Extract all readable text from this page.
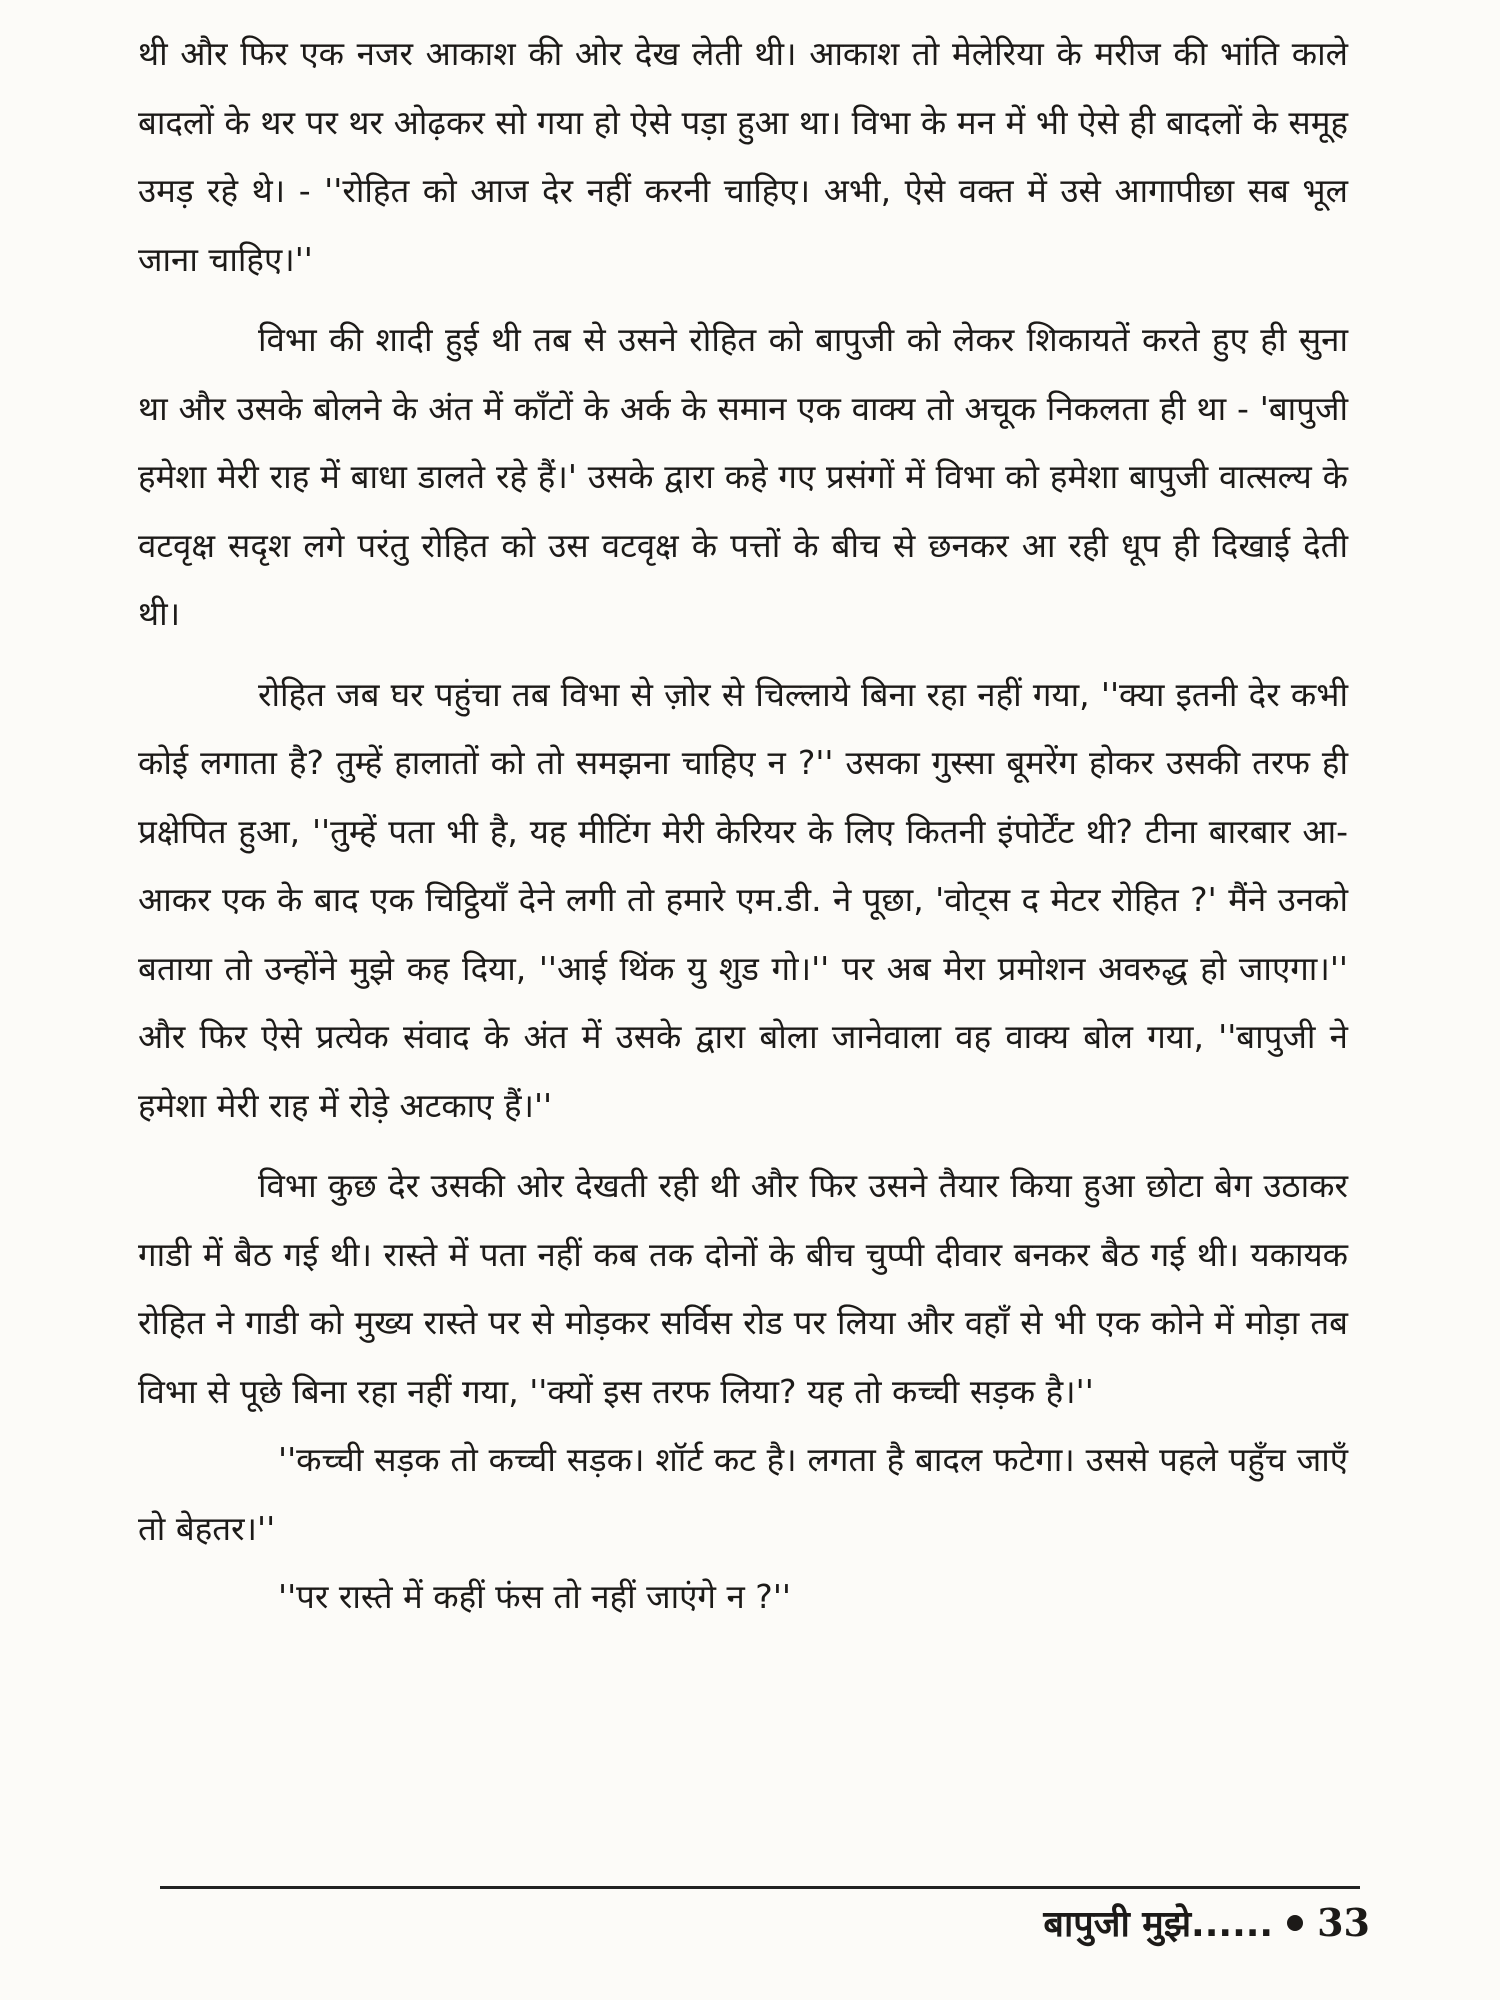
थी और फिर एक नजर आकाश की ओर देख लेती थी। आकाश तो मेलेरिया के मरीज की भांति काले बादलों के थर पर थर ओढ़कर सो गया हो ऐसे पड़ा हुआ था। विभा के मन में भी ऐसे ही बादलों के समूह उमड़ रहे थे। - ''रोहित को आज देर नहीं करनी चाहिए। अभी, ऐसे वक्त में उसे आगापीछा सब भूल जाना चाहिए।''

विभा की शादी हुई थी तब से उसने रोहित को बापुजी को लेकर शिकायतें करते हुए ही सुना था और उसके बोलने के अंत में काँटों के अर्क के समान एक वाक्य तो अचूक निकलता ही था - 'बापुजी हमेशा मेरी राह में बाधा डालते रहे हैं।' उसके द्वारा कहे गए प्रसंगों में विभा को हमेशा बापुजी वात्सल्य के वटवृक्ष सदृश लगे परंतु रोहित को उस वटवृक्ष के पत्तों के बीच से छनकर आ रही धूप ही दिखाई देती थी।

रोहित जब घर पहुंचा तब विभा से ज़ोर से चिल्लाये बिना रहा नहीं गया, ''क्या इतनी देर कभी कोई लगाता है? तुम्हें हालातों को तो समझना चाहिए न ?'' उसका गुस्सा बूमरेंग होकर उसकी तरफ ही प्रक्षेपित हुआ, ''तुम्हें पता भी है, यह मीटिंग मेरी केरियर के लिए कितनी इंपोर्टेंट थी? टीना बारबार आ-आकर एक के बाद एक चिट्ठियाँ देने लगी तो हमारे एम.डी. ने पूछा, 'वोट्स द मेटर रोहित ?' मैंने उनको बताया तो उन्होंने मुझे कह दिया, ''आई थिंक यु शुड गो।'' पर अब मेरा प्रमोशन अवरुद्ध हो जाएगा।'' और फिर ऐसे प्रत्येक संवाद के अंत में उसके द्वारा बोला जानेवाला वह वाक्य बोल गया, ''बापुजी ने हमेशा मेरी राह में रोड़े अटकाए हैं।''

विभा कुछ देर उसकी ओर देखती रही थी और फिर उसने तैयार किया हुआ छोटा बेग उठाकर गाडी में बैठ गई थी। रास्ते में पता नहीं कब तक दोनों के बीच चुप्पी दीवार बनकर बैठ गई थी। यकायक रोहित ने गाडी को मुख्य रास्ते पर से मोड़कर सर्विस रोड पर लिया और वहाँ से भी एक कोने में मोड़ा तब विभा से पूछे बिना रहा नहीं गया, ''क्यों इस तरफ लिया? यह तो कच्ची सड़क है।''

''कच्ची सड़क तो कच्ची सड़क। शॉर्ट कट है। लगता है बादल फटेगा। उससे पहले पहुँच जाएँ तो बेहतर।''

''पर रास्ते में कहीं फंस तो नहीं जाएंगे न ?''

बापुजी मुझे...... 33
